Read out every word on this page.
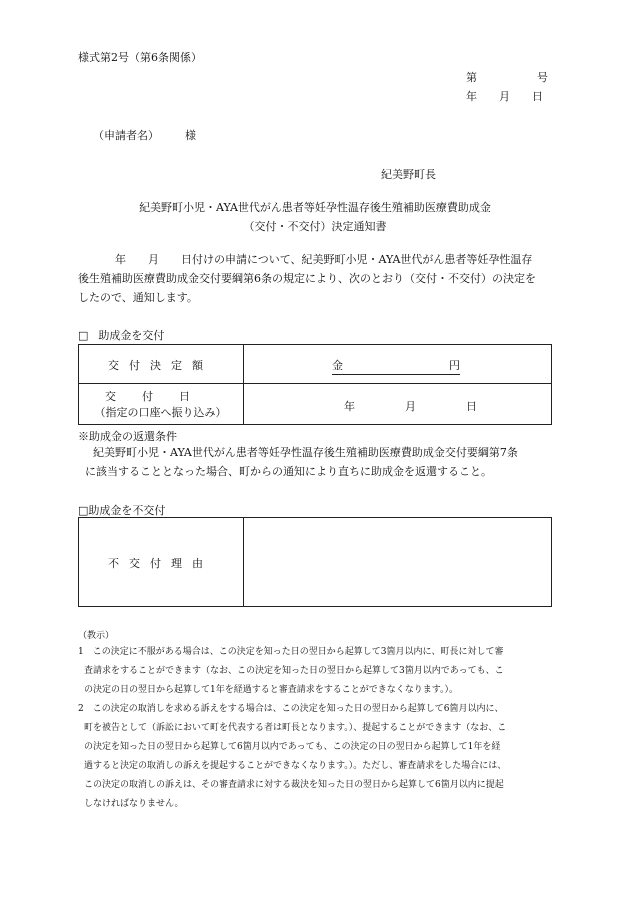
様式第2号（第6条関係）
第	号
年 月 日
（申請者名） 様
紀美野町長
紀美野町小児・AYA世代がん患者等妊孕性温存後生殖補助医療費助成金
（交付・不交付）決定通知書
年 月 日付けの申請について、紀美野町小児・AYA世代がん患者等妊孕性温存
後生殖補助医療費助成金交付要綱第6条の規定により、次のとおり（交付・不交付）の決定を
したので、通知します。
□ 助成金を交付
交付決定額	金	円
交付日
（指定の口座へ振り込み）	年	月	日
※助成金の返還条件
紀美野町小児・AYA世代がん患者等妊孕性温存後生殖補助医療費助成金交付要綱第7条
に該当することとなった場合、町からの通知により直ちに助成金を返還すること。
□助成金を不交付
不交付理由
（教示）
1　この決定に不服がある場合は、この決定を知った日の翌日から起算して3箇月以内に、町長に対して審
査請求をすることができます（なお、この決定を知った日の翌日から起算して3箇月以内であっても、こ
の決定の日の翌日から起算して1年を経過すると審査請求をすることができなくなります。）。
2　この決定の取消しを求める訴えをする場合は、この決定を知った日の翌日から起算して6箇月以内に、
町を被告として（訴訟において町を代表する者は町長となります。）、提起することができます（なお、こ
の決定を知った日の翌日から起算して6箇月以内であっても、この決定の日の翌日から起算して1年を経
過すると決定の取消しの訴えを提起することができなくなります。）。ただし、審査請求をした場合には、
この決定の取消しの訴えは、その審査請求に対する裁決を知った日の翌日から起算して6箇月以内に提起
しなければなりません。
